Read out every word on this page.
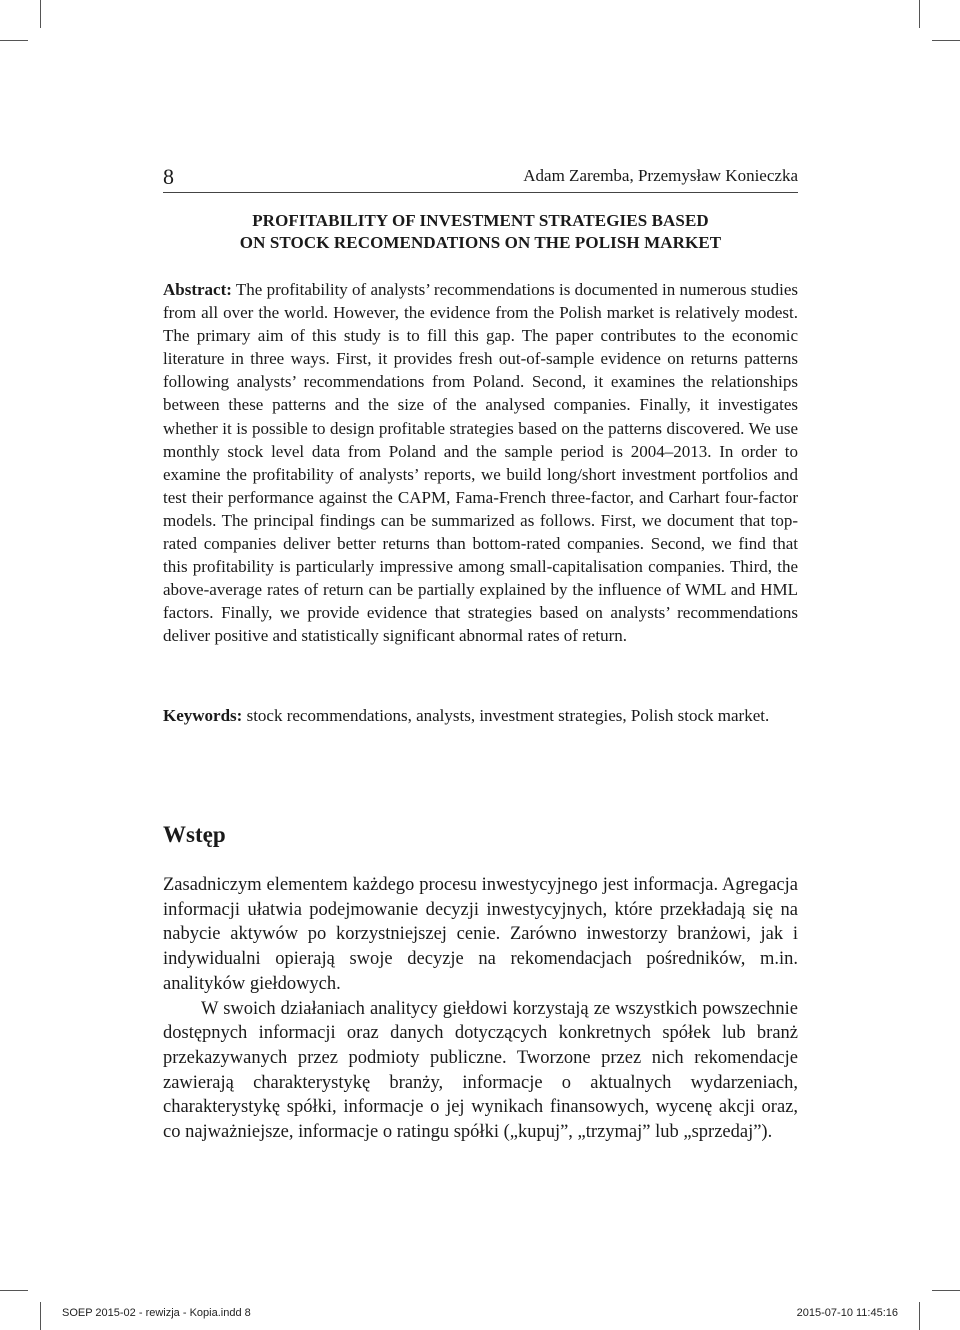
8	Adam Zaremba, Przemysław Konieczka
PROFITABILITY OF INVESTMENT STRATEGIES BASED
ON STOCK RECOMENDATIONS ON THE POLISH MARKET

Abstract: The profitability of analysts’ recommendations is documented in numerous studies from all over the world. However, the evidence from the Polish market is relatively modest. The primary aim of this study is to fill this gap. The paper contributes to the economic literature in three ways. First, it provides fresh out-of-sample evidence on returns patterns following analysts’ recommendations from Poland. Second, it examines the relationships between these patterns and the size of the analysed companies. Finally, it investigates whether it is possible to design profitable strategies based on the patterns discovered. We use monthly stock level data from Poland and the sample period is 2004–2013. In order to examine the profitability of analysts’ reports, we build long/short investment portfolios and test their performance against the CAPM, Fama-French three-factor, and Carhart four-factor models. The principal findings can be summarized as follows. First, we document that top-rated companies deliver better returns than bottom-rated companies. Second, we find that this profitability is particularly impressive among small-capitalisation companies. Third, the above-average rates of return can be partially explained by the influence of WML and HML factors. Finally, we provide evidence that strategies based on analysts’ recommendations deliver positive and statistically significant abnormal rates of return.

Keywords: stock recommendations, analysts, investment strategies, Polish stock market.

Wstęp

Zasadniczym elementem każdego procesu inwestycyjnego jest informacja. Agregacja informacji ułatwia podejmowanie decyzji inwestycyjnych, które przekładają się na nabycie aktywów po korzystniejszej cenie. Zarówno inwestorzy branżowi, jak i indywidualni opierają swoje decyzje na rekomendacjach pośredników, m.in. analityków giełdowych.

W swoich działaniach analitycy giełdowi korzystają ze wszystkich powszechnie dostępnych informacji oraz danych dotyczących konkretnych spółek lub branż przekazywanych przez podmioty publiczne. Tworzone przez nich rekomendacje zawierają charakterystykę branży, informacje o aktualnych wydarzeniach, charakterystykę spółki, informacje o jej wynikach finansowych, wycenę akcji oraz, co najważniejsze, informacje o ratingu spółki („kupuj”, „trzymaj” lub „sprzedaj”).

SOEP 2015-02 - rewizja - Kopia.indd 8	2015-07-10 11:45:16
